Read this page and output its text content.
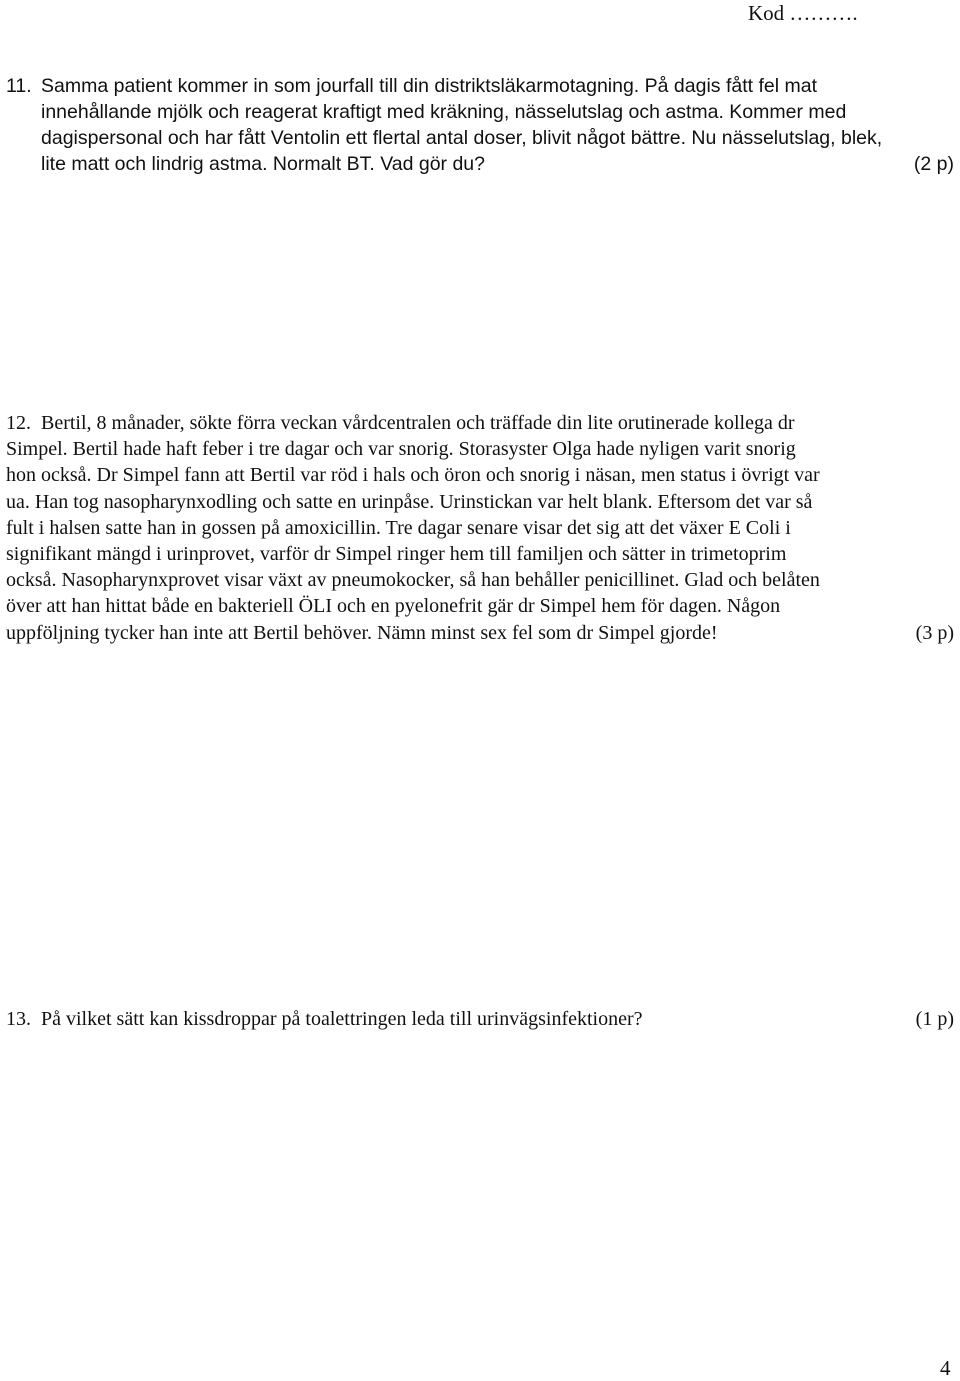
Kod ……….
11. Samma patient kommer in som jourfall till din distriktsläkarmotagning. På dagis fått fel mat
innehållande mjölk och reagerat kraftigt med kräkning, nässelutslag och astma. Kommer med
dagispersonal och har fått Ventolin ett flertal antal doser, blivit något bättre. Nu nässelutslag, blek,
lite matt och lindrig astma. Normalt BT. Vad gör du?	(2 p)
12. Bertil, 8 månader, sökte förra veckan vårdcentralen och träffade din lite orutinerade kollega dr
Simpel. Bertil hade haft feber i tre dagar och var snorig. Storasyster Olga hade nyligen varit snorig
hon också. Dr Simpel fann att Bertil var röd i hals och öron och snorig i näsan, men status i övrigt var
ua. Han tog nasopharynxodling och satte en urinpåse. Urinstickan var helt blank. Eftersom det var så
fult i halsen satte han in gossen på amoxicillin. Tre dagar senare visar det sig att det växer E Coli i
signifikant mängd i urinprovet, varför dr Simpel ringer hem till familjen och sätter in trimetoprim
också. Nasopharynxprovet visar växt av pneumokocker, så han behåller penicillinet. Glad och belåten
över att han hittat både en bakteriell ÖLI och en pyelonefrit gär dr Simpel hem för dagen. Någon
uppföljning tycker han inte att Bertil behöver. Nämn minst sex fel som dr Simpel gjorde!	(3 p)
13. På vilket sätt kan kissdroppar på toalettringen leda till urinvägsinfektioner?	(1 p)
4
